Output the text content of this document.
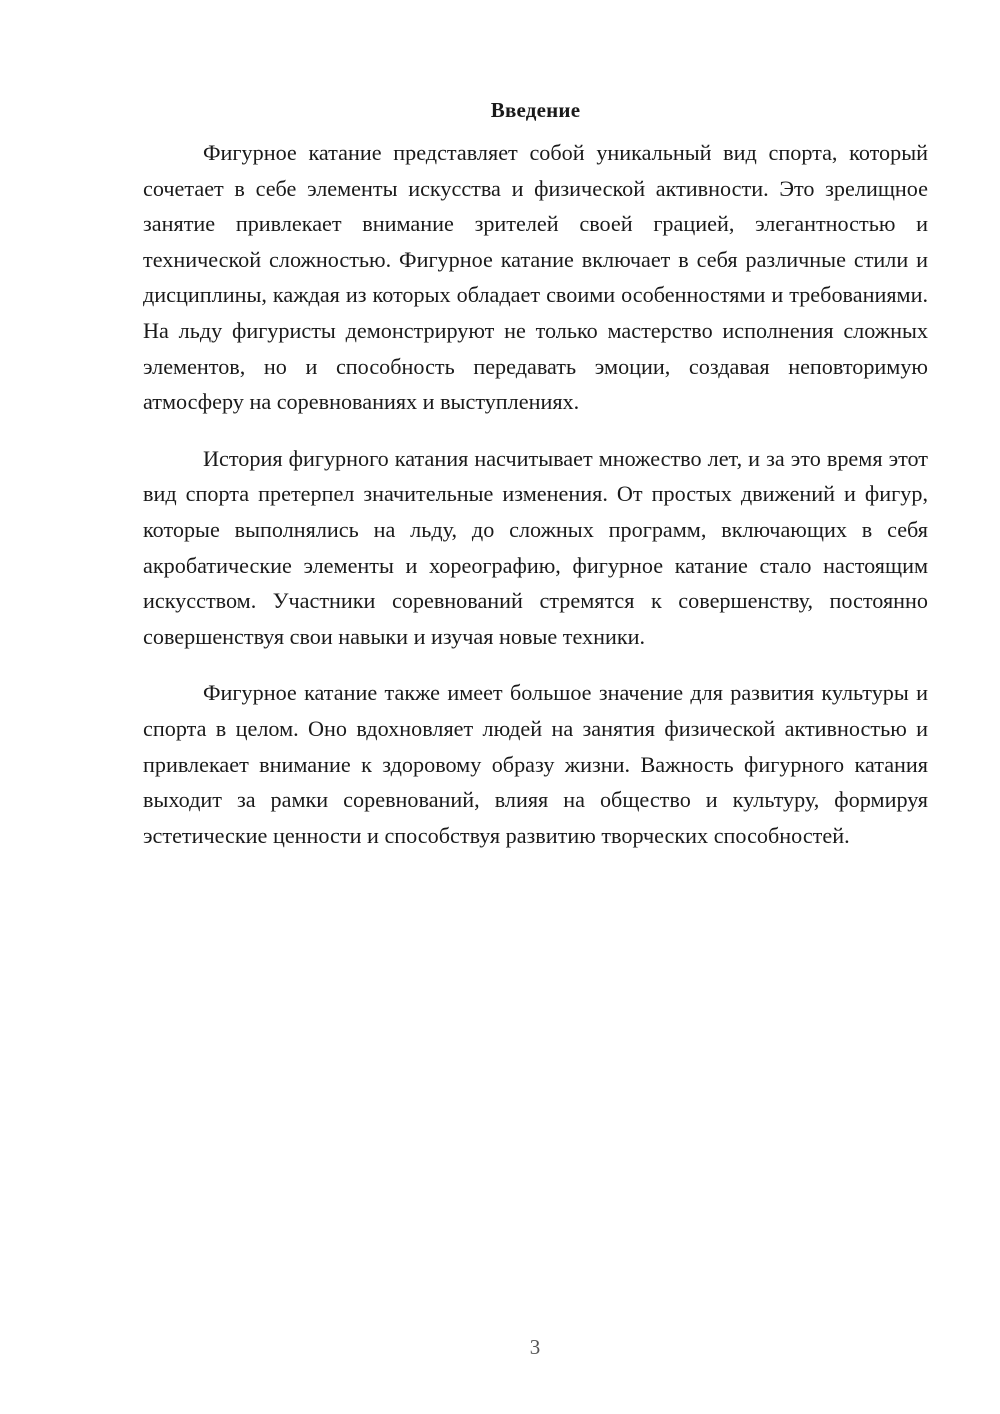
Введение

Фигурное катание представляет собой уникальный вид спорта, который сочетает в себе элементы искусства и физической активности. Это зрелищное занятие привлекает внимание зрителей своей грацией, элегантностью и технической сложностью. Фигурное катание включает в себя различные стили и дисциплины, каждая из которых обладает своими особенностями и требованиями. На льду фигуристы демонстрируют не только мастерство исполнения сложных элементов, но и способность передавать эмоции, создавая неповторимую атмосферу на соревнованиях и выступлениях.

История фигурного катания насчитывает множество лет, и за это время этот вид спорта претерпел значительные изменения. От простых движений и фигур, которые выполнялись на льду, до сложных программ, включающих в себя акробатические элементы и хореографию, фигурное катание стало настоящим искусством. Участники соревнований стремятся к совершенству, постоянно совершенствуя свои навыки и изучая новые техники.

Фигурное катание также имеет большое значение для развития культуры и спорта в целом. Оно вдохновляет людей на занятия физической активностью и привлекает внимание к здоровому образу жизни. Важность фигурного катания выходит за рамки соревнований, влияя на общество и культуру, формируя эстетические ценности и способствуя развитию творческих способностей.

3
